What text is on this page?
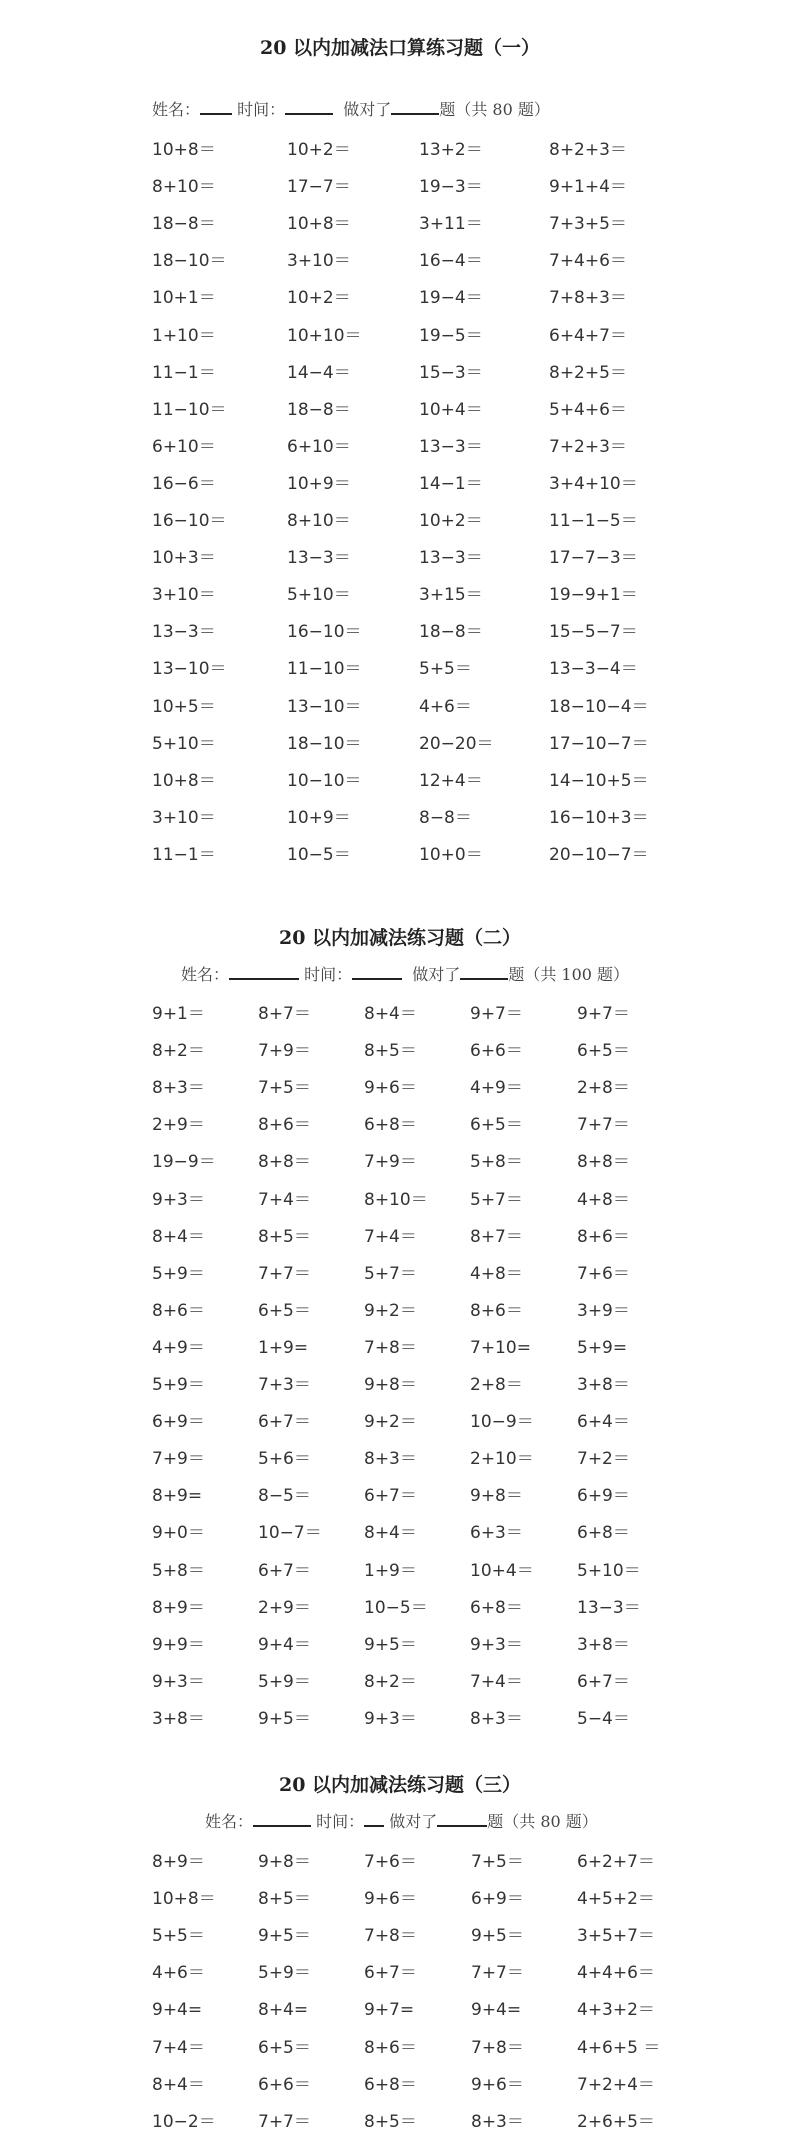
20 以内加减法口算练习题（一）
姓名： 时间：	做对了	题（共 80 题）
10+8＝	10+2＝	13+2＝	8+2+3＝
8+10＝	17−7＝	19−3＝	9+1+4＝
18−8＝	10+8＝	3+11＝	7+3+5＝
18−10＝	3+10＝	16−4＝	7+4+6＝
10+1＝	10+2＝	19−4＝	7+8+3＝
1+10＝	10+10＝	19−5＝	6+4+7＝
11−1＝	14−4＝	15−3＝	8+2+5＝
11−10＝	18−8＝	10+4＝	5+4+6＝
6+10＝	6+10＝	13−3＝	7+2+3＝
16−6＝	10+9＝	14−1＝	3+4+10＝
16−10＝	8+10＝	10+2＝	11−1−5＝
10+3＝	13−3＝	13−3＝	17−7−3＝
3+10＝	5+10＝	3+15＝	19−9+1＝
13−3＝	16−10＝	18−8＝	15−5−7＝
13−10＝	11−10＝	5+5＝	13−3−4＝
10+5＝	13−10＝	4+6＝	18−10−4＝
5+10＝	18−10＝	20−20＝	17−10−7＝
10+8＝	10−10＝	12+4＝	14−10+5＝
3+10＝	10+9＝	8−8＝	16−10+3＝
11−1＝	10−5＝	10+0＝	20−10−7＝
20 以内加减法练习题（二）
姓名：	时间：	做对了	题（共 100 题）
9+1＝	8+7＝	8+4＝	9+7＝	9+7＝
8+2＝	7+9＝	8+5＝	6+6＝	6+5＝
8+3＝	7+5＝	9+6＝	4+9＝	2+8＝
2+9＝	8+6＝	6+8＝	6+5＝	7+7＝
19−9＝ 8+8＝	7+9＝	5+8＝	8+8＝
9+3＝	7+4＝	8+10＝ 5+7＝	4+8＝
8+4＝	8+5＝	7+4＝	8+7＝	8+6＝
5+9＝	7+7＝	5+7＝	4+8＝	7+6＝
8+6＝	6+5＝	9+2＝	8+6＝	3+9＝
4+9＝	1+9=	7+8＝	7+10=	5+9=
5+9＝	7+3＝	9+8＝	2+8＝	3+8＝
6+9＝	6+7＝	9+2＝	10−9＝	6+4＝
7+9＝	5+6＝	8+3＝	2+10＝	7+2＝
8+9=	8−5＝	6+7＝	9+8＝	6+9＝
9+0＝	10−7＝ 8+4＝	6+3＝	6+8＝
5+8＝	6+7＝	1+9＝	10+4＝	5+10＝
8+9＝	2+9＝	10−5＝ 6+8＝	13−3＝
9+9＝	9+4＝	9+5＝	9+3＝	3+8＝
9+3＝	5+9＝	8+2＝	7+4＝	6+7＝
3+8＝	9+5＝	9+3＝	8+3＝	5−4＝
20 以内加减法练习题（三）
姓名：	时间： 做对了	题（共 80 题）
8+9＝	9+8＝	7+6＝	7+5＝	6+2+7＝
10+8＝ 8+5＝	9+6＝	6+9＝	4+5+2＝
5+5＝	9+5＝	7+8＝	9+5＝	3+5+7＝
4+6＝	5+9＝	6+7＝	7+7＝	4+4+6＝
9+4=	8+4=	9+7=	9+4=	4+3+2＝
7+4＝	6+5＝	8+6＝	7+8＝	4+6+5 ＝
8+4＝	6+6＝	6+8＝	9+6＝	7+2+4＝
10−2＝ 7+7＝	8+5＝	8+3＝	2+6+5＝
